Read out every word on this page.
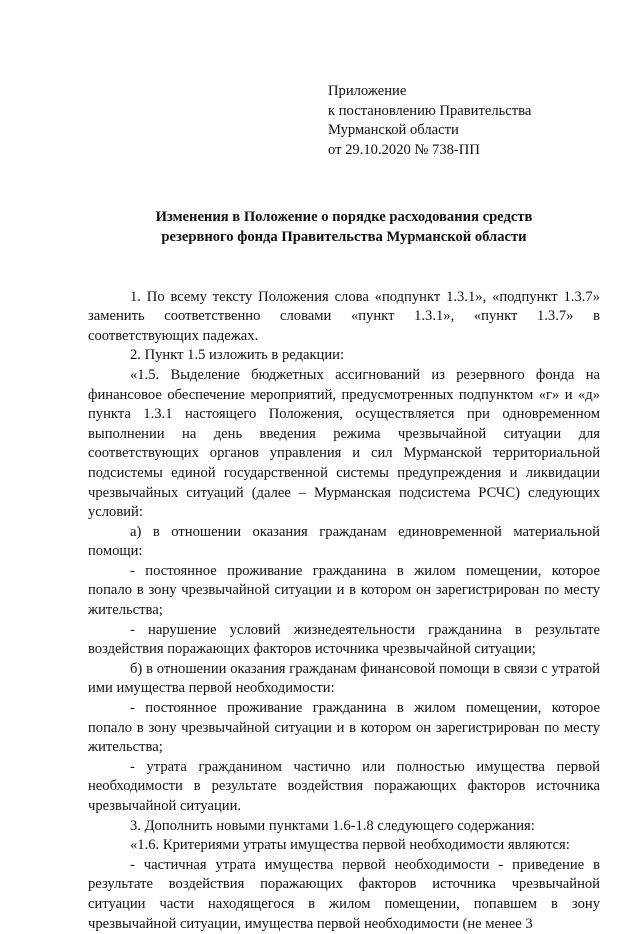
Приложение
к постановлению Правительства
Мурманской области
от 29.10.2020 № 738-ПП
Изменения в Положение о порядке расходования средств
резервного фонда Правительства Мурманской области

1. По всему тексту Положения слова «подпункт 1.3.1», «подпункт 1.3.7» заменить соответственно словами «пункт 1.3.1», «пункт 1.3.7» в соответствующих падежах.

2. Пункт 1.5 изложить в редакции:

«1.5. Выделение бюджетных ассигнований из резервного фонда на финансовое обеспечение мероприятий, предусмотренных подпунктом «г» и «д» пункта 1.3.1 настоящего Положения, осуществляется при одновременном выполнении на день введения режима чрезвычайной ситуации для соответствующих органов управления и сил Мурманской территориальной подсистемы единой государственной системы предупреждения и ликвидации чрезвычайных ситуаций (далее – Мурманская подсистема РСЧС) следующих условий:

а) в отношении оказания гражданам единовременной материальной помощи:

- постоянное проживание гражданина в жилом помещении, которое попало в зону чрезвычайной ситуации и в котором он зарегистрирован по месту жительства;

- нарушение условий жизнедеятельности гражданина в результате воздействия поражающих факторов источника чрезвычайной ситуации;

б) в отношении оказания гражданам финансовой помощи в связи с утратой ими имущества первой необходимости:

- постоянное проживание гражданина в жилом помещении, которое попало в зону чрезвычайной ситуации и в котором он зарегистрирован по месту жительства;

- утрата гражданином частично или полностью имущества первой необходимости в результате воздействия поражающих факторов источника чрезвычайной ситуации.

3. Дополнить новыми пунктами 1.6-1.8 следующего содержания:

«1.6. Критериями утраты имущества первой необходимости являются:

- частичная утрата имущества первой необходимости - приведение в результате воздействия поражающих факторов источника чрезвычайной ситуации части находящегося в жилом помещении, попавшем в зону чрезвычайной ситуации, имущества первой необходимости (не менее 3
